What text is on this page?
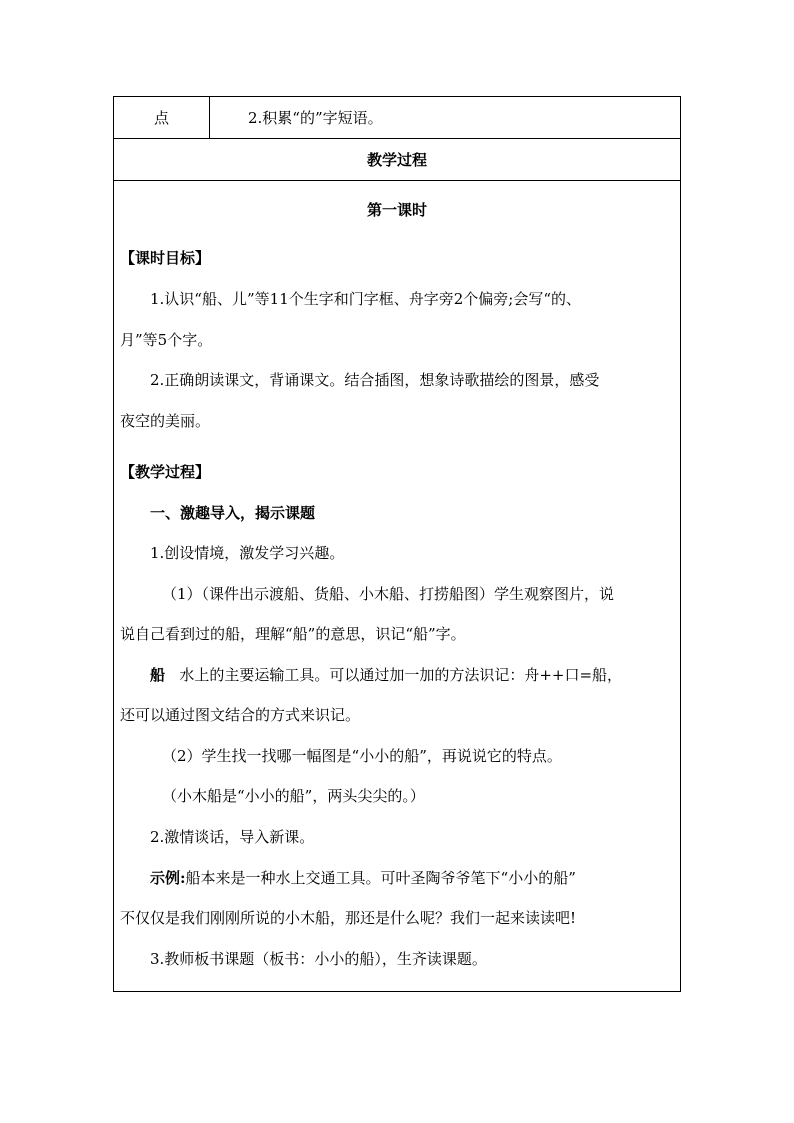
点	2.积累“的”字短语。
教学过程
第一课时
【课时目标】
1.认识“船、儿”等11个生字和门字框、舟字旁2个偏旁;会写“的、
月”等5个字。
2.正确朗读课文，背诵课文。结合插图，想象诗歌描绘的图景，感受
夜空的美丽。
【教学过程】
一、激趣导入，揭示课题
1.创设情境，激发学习兴趣。
（1）（课件出示渡船、货船、小木船、打捞船图）学生观察图片，说
说自己看到过的船，理解“船”的意思，识记“船”字。
船 水上的主要运输工具。可以通过加一加的方法识记：舟++口=船，
还可以通过图文结合的方式来识记。
（2）学生找一找哪一幅图是“小小的船”，再说说它的特点。
（小木船是“小小的船”，两头尖尖的。）
2.激情谈话，导入新课。
示例:船本来是一种水上交通工具。可叶圣陶爷爷笔下“小小的船”
不仅仅是我们刚刚所说的小木船，那还是什么呢？我们一起来读读吧!
3.教师板书课题（板书：小小的船），生齐读课题。
